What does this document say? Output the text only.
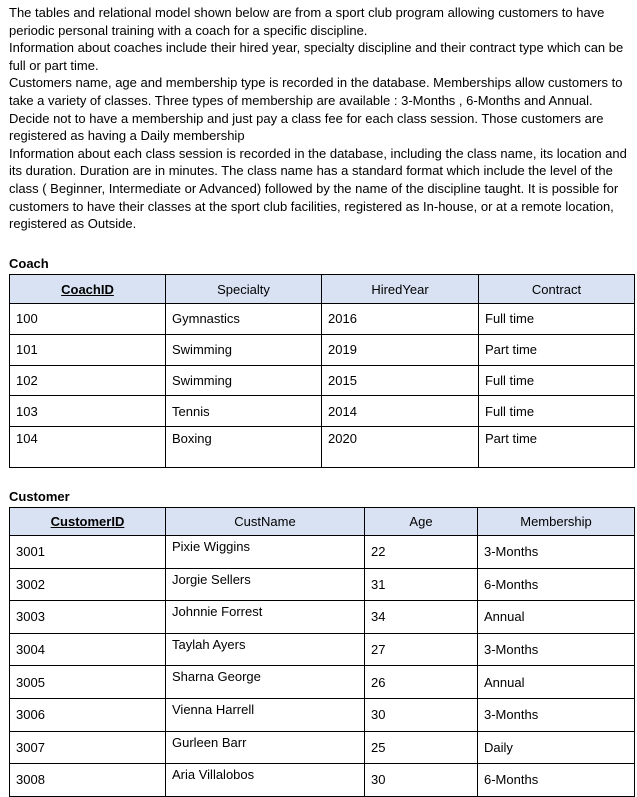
The tables and relational model shown below are from a sport club program allowing customers to have periodic personal training with a coach for a specific discipline.

Information about coaches include their hired year, specialty discipline and their contract type which can be full or part time.

Customers name, age and membership type is recorded in the database. Memberships allow customers to take a variety of classes. Three types of membership are available : 3-Months , 6-Months and Annual. Decide not to have a membership and just pay a class fee for each class session. Those customers are registered as having a Daily membership

Information about each class session is recorded in the database, including the class name, its location and its duration. Duration are in minutes. The class name has a standard format which include the level of the class ( Beginner, Intermediate or Advanced) followed by the name of the discipline taught. It is possible for customers to have their classes at the sport club facilities, registered as In-house, or at a remote location, registered as Outside.

Coach
CoachID	Specialty	HiredYear	Contract
100	Gymnastics	2016	Full time
101	Swimming	2019	Part time
102	Swimming	2015	Full time
103	Tennis	2014	Full time
104	Boxing	2020	Part time
Customer
CustomerID	CustName	Age	Membership
3001	Pixie Wiggins	22	3-Months
3002	Jorgie Sellers	31	6-Months
3003	Johnnie Forrest	34	Annual
3004	Taylah Ayers	27	3-Months
3005	Sharna George	26	Annual
3006	Vienna Harrell	30	3-Months
3007	Gurleen Barr	25	Daily
3008	Aria Villalobos	30	6-Months
